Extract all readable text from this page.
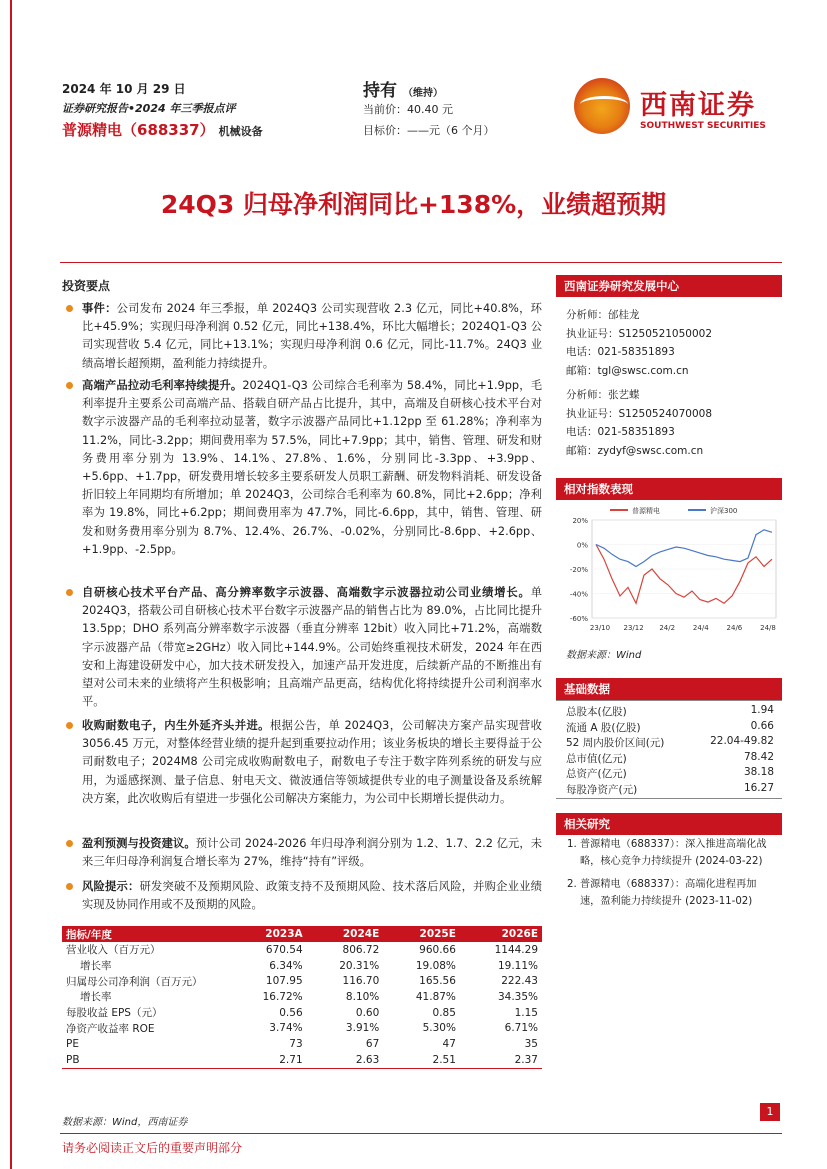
2024 年 10 月 29 日
证券研究报告•2024 年三季报点评
普源精电（688337） 机械设备
持有 （维持）
当前价：40.40 元
目标价：——元（6 个月）
西南证券
SOUTHWEST SECURITIES
24Q3 归母净利润同比+138%，业绩超预期
投资要点
事件：公司发布 2024 年三季报，单 2024Q3 公司实现营收 2.3 亿元，同比+40.8%，环比+45.9%；实现归母净利润 0.52 亿元，同比+138.4%，环比大幅增长；2024Q1-Q3 公司实现营收 5.4 亿元，同比+13.1%；实现归母净利润 0.6 亿元，同比-11.7%。24Q3 业绩高增长超预期，盈利能力持续提升。
高端产品拉动毛利率持续提升。2024Q1-Q3 公司综合毛利率为 58.4%，同比+1.9pp，毛利率提升主要系公司高端产品、搭载自研产品占比提升，其中，高端及自研核心技术平台对数字示波器产品的毛利率拉动显著，数字示波器产品同比+1.12pp 至 61.28%；净利率为 11.2%，同比-3.2pp；期间费用率为 57.5%，同比+7.9pp；其中，销售、管理、研发和财务费用率分别为 13.9%、14.1%、27.8%、1.6%，分别同比-3.3pp、+3.9pp、+5.6pp、+1.7pp，研发费用增长较多主要系研发人员职工薪酬、研发物料消耗、研发设备折旧较上年同期均有所增加；单 2024Q3，公司综合毛利率为 60.8%，同比+2.6pp；净利率为 19.8%，同比+6.2pp；期间费用率为 47.7%，同比-6.6pp，其中，销售、管理、研发和财务费用率分别为 8.7%、12.4%、26.7%、-0.02%，分别同比-8.6pp、+2.6pp、+1.9pp、-2.5pp。
自研核心技术平台产品、高分辨率数字示波器、高端数字示波器拉动公司业绩增长。单 2024Q3，搭载公司自研核心技术平台数字示波器产品的销售占比为 89.0%，占比同比提升 13.5pp；DHO 系列高分辨率数字示波器（垂直分辨率 12bit）收入同比+71.2%，高端数字示波器产品（带宽≥2GHz）收入同比+144.9%。公司始终重视技术研发，2024 年在西安和上海建设研发中心，加大技术研发投入，加速产品开发进度，后续新产品的不断推出有望对公司未来的业绩将产生积极影响；且高端产品更高，结构优化将持续提升公司利润率水平。
收购耐数电子，内生外延齐头并进。根据公告，单 2024Q3，公司解决方案产品实现营收 3056.45 万元，对整体经营业绩的提升起到重要拉动作用；该业务板块的增长主要得益于公司耐数电子；2024M8 公司完成收购耐数电子，耐数电子专注于数字阵列系统的研发与应用，为遥感探测、量子信息、射电天文、微波通信等领域提供专业的电子测量设备及系统解决方案，此次收购后有望进一步强化公司解决方案能力，为公司中长期增长提供动力。
盈利预测与投资建议。预计公司 2024-2026 年归母净利润分别为 1.2、1.7、2.2 亿元，未来三年归母净利润复合增长率为 27%，维持“持有”评级。
风险提示：研发突破不及预期风险、政策支持不及预期风险、技术落后风险，并购企业业绩实现及协同作用或不及预期的风险。
西南证券研究发展中心
分析师：邰桂龙
执业证号：S1250521050002
电话：021-58351893
邮箱：tgl@swsc.com.cn
分析师：张艺蝶
执业证号：S1250524070008
电话：021-58351893
邮箱：zydyf@swsc.com.cn
相对指数表现
20%
0%
-20%
-40%
-60%
23/10 23/12 24/2	24/4	24/6	24/8
普源精电	沪深300
数据来源：Wind
基础数据
总股本(亿股)	1.94
流通 A 股(亿股)	0.66
52 周内股价区间(元)	22.04-49.82
总市值(亿元)	78.42
总资产(亿元)	38.18
每股净资产(元)	16.27
相关研究
1. 普源精电（688337）：深入推进高端化战略，核心竞争力持续提升 (2024-03-22)
2. 普源精电（688337）：高端化进程再加速，盈利能力持续提升 (2023-11-02)
指标/年度	2023A	2024E	2025E	2026E
营业收入（百万元）	670.54	806.72	960.66	1144.29
增长率	6.34%	20.31%	19.08%	19.11%
归属母公司净利润（百万元）	107.95	116.70	165.56	222.43
增长率	16.72%	8.10%	41.87%	34.35%
每股收益 EPS（元）	0.56	0.60	0.85	1.15
净资产收益率 ROE	3.74%	3.91%	5.30%	6.71%
PE	73	67	47	35
PB	2.71	2.63	2.51	2.37
数据来源：Wind，西南证券
1
请务必阅读正文后的重要声明部分
